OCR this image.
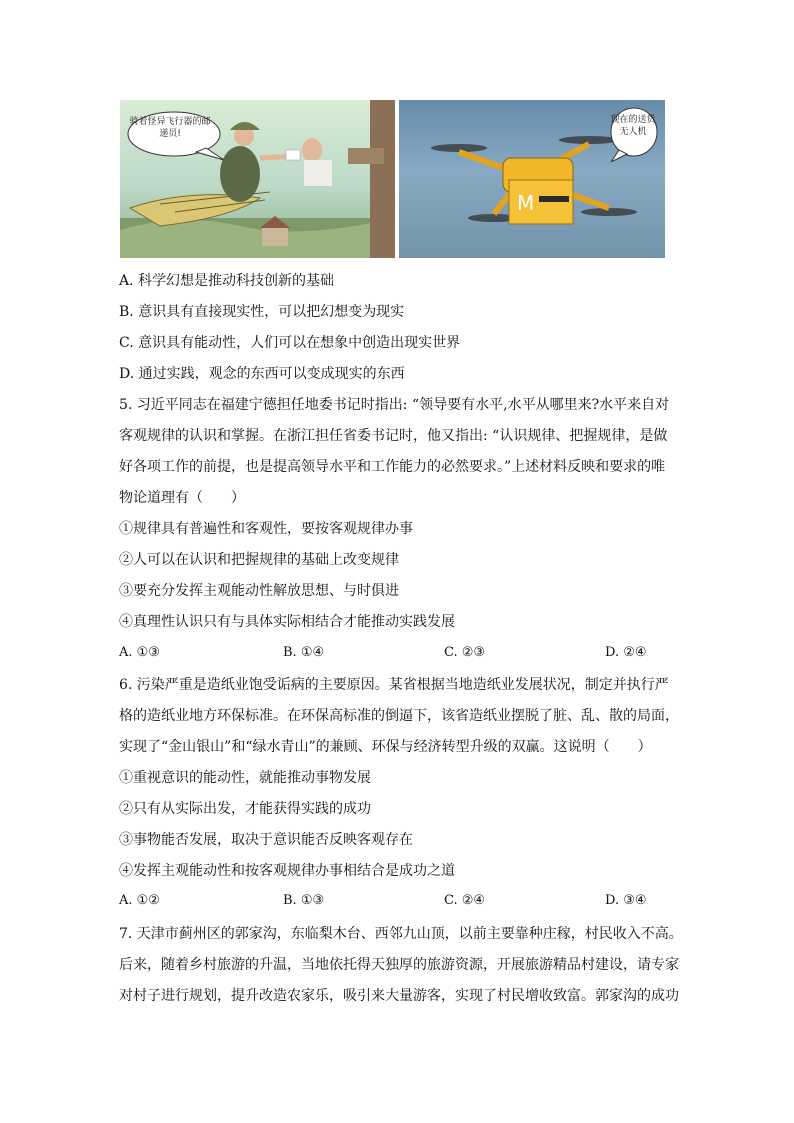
骑着怪异飞行器的邮递员!
M
现在的送货无人机
A. 科学幻想是推动科技创新的基础
B. 意识具有直接现实性，可以把幻想变为现实
C. 意识具有能动性，人们可以在想象中创造出现实世界
D. 通过实践，观念的东西可以变成现实的东西
5. 习近平同志在福建宁德担任地委书记时指出: “领导要有水平,水平从哪里来?水平来自对
客观规律的认识和掌握。在浙江担任省委书记时，他又指出: “认识规律、把握规律，是做
好各项工作的前提，也是提高领导水平和工作能力的必然要求。”上述材料反映和要求的唯
物论道理有（　　）
①规律具有普遍性和客观性，要按客观规律办事
②人可以在认识和把握规律的基础上改变规律
③要充分发挥主观能动性解放思想、与时俱进
④真理性认识只有与具体实际相结合才能推动实践发展
A. ①③	B. ①④	C. ②③	D. ②④
6. 污染严重是造纸业饱受诟病的主要原因。某省根据当地造纸业发展状况，制定并执行严
格的造纸业地方环保标准。在环保高标准的倒逼下，该省造纸业摆脱了脏、乱、散的局面，
实现了“金山银山”和“绿水青山”的兼顾、环保与经济转型升级的双赢。这说明（　　）
①重视意识的能动性，就能推动事物发展
②只有从实际出发，才能获得实践的成功
③事物能否发展，取决于意识能否反映客观存在
④发挥主观能动性和按客观规律办事相结合是成功之道
A. ①②	B. ①③	C. ②④	D. ③④
7. 天津市蓟州区的郭家沟，东临梨木台、西邻九山顶，以前主要靠种庄稼，村民收入不高。
后来，随着乡村旅游的升温，当地依托得天独厚的旅游资源，开展旅游精品村建设，请专家
对村子进行规划，提升改造农家乐，吸引来大量游客，实现了村民增收致富。郭家沟的成功
